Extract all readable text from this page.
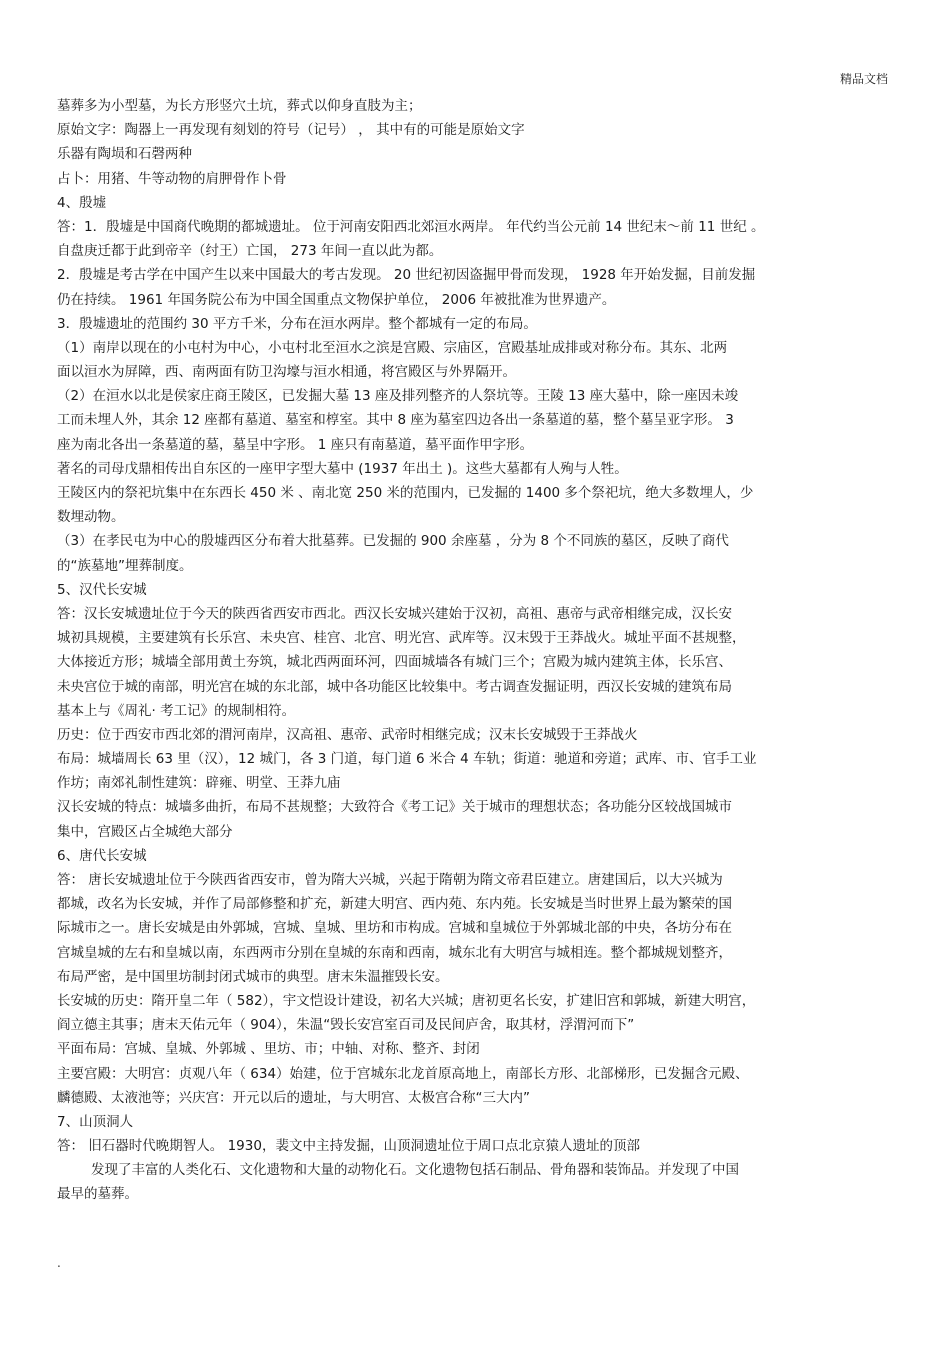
精品文档
墓葬多为小型墓，为长方形竖穴土坑，葬式以仰身直肢为主；
原始文字：陶器上一再发现有刻划的符号（记号） ， 其中有的可能是原始文字
乐器有陶埙和石磬两种
占卜：用猪、牛等动物的肩胛骨作卜骨
4、殷墟
答：1．殷墟是中国商代晚期的都城遗址。 位于河南安阳西北郊洹水两岸。 年代约当公元前 14 世纪末～前 11 世纪 。
自盘庚迁都于此到帝辛（纣王）亡国， 273 年间一直以此为都。
2．殷墟是考古学在中国产生以来中国最大的考古发现。 20 世纪初因盗掘甲骨而发现， 1928 年开始发掘，目前发掘
仍在持续。 1961 年国务院公布为中国全国重点文物保护单位， 2006 年被批准为世界遗产。
3．殷墟遗址的范围约 30 平方千米，分布在洹水两岸。整个都城有一定的布局。
（1）南岸以现在的小屯村为中心，小屯村北至洹水之滨是宫殿、宗庙区，宫殿基址成排或对称分布。其东、北两
面以洹水为屏障，西、南两面有防卫沟壕与洹水相通，将宫殿区与外界隔开。
（2）在洹水以北是侯家庄商王陵区，已发掘大墓 13 座及排列整齐的人祭坑等。王陵 13 座大墓中，除一座因未竣
工而未埋人外，其余 12 座都有墓道、墓室和椁室。其中 8 座为墓室四边各出一条墓道的墓，整个墓呈亚字形。 3
座为南北各出一条墓道的墓，墓呈中字形。 1 座只有南墓道，墓平面作甲字形。
著名的司母戊鼎相传出自东区的一座甲字型大墓中 (1937 年出土 )。这些大墓都有人殉与人牲。
王陵区内的祭祀坑集中在东西长 450 米 、南北宽 250 米的范围内，已发掘的 1400 多个祭祀坑，绝大多数埋人，少
数埋动物。
（3）在孝民屯为中心的殷墟西区分布着大批墓葬。已发掘的 900 余座墓 ，分为 8 个不同族的墓区，反映了商代
的“族墓地”埋葬制度。
5、汉代长安城
答：汉长安城遗址位于今天的陕西省西安市西北。西汉长安城兴建始于汉初，高祖、惠帝与武帝相继完成，汉长安
城初具规模，主要建筑有长乐宫、未央宫、桂宫、北宫、明光宫、武库等。汉末毁于王莽战火。城址平面不甚规整，
大体接近方形；城墙全部用黄土夯筑，城北西两面环河，四面城墙各有城门三个；宫殿为城内建筑主体，长乐宫、
未央宫位于城的南部，明光宫在城的东北部，城中各功能区比较集中。考古调查发掘证明，西汉长安城的建筑布局
基本上与《周礼· 考工记》的规制相符。
历史：位于西安市西北郊的渭河南岸，汉高祖、惠帝、武帝时相继完成；汉末长安城毁于王莽战火
布局：城墙周长 63 里（汉），12 城门，各 3 门道，每门道 6 米合 4 车轨；街道：驰道和旁道；武库、市、官手工业
作坊；南郊礼制性建筑：辟雍、明堂、王莽九庙
汉长安城的特点：城墙多曲折，布局不甚规整；大致符合《考工记》关于城市的理想状态；各功能分区较战国城市
集中，宫殿区占全城绝大部分
6、唐代长安城
答： 唐长安城遗址位于今陕西省西安市，曾为隋大兴城，兴起于隋朝为隋文帝君臣建立。唐建国后，以大兴城为
都城，改名为长安城，并作了局部修整和扩充，新建大明宫、西内苑、东内苑。长安城是当时世界上最为繁荣的国
际城市之一。唐长安城是由外郭城，宫城、皇城、里坊和市构成。宫城和皇城位于外郭城北部的中央，各坊分布在
宫城皇城的左右和皇城以南，东西两市分别在皇城的东南和西南，城东北有大明宫与城相连。整个都城规划整齐，
布局严密，是中国里坊制封闭式城市的典型。唐末朱温摧毁长安。
长安城的历史：隋开皇二年（ 582），宇文恺设计建设，初名大兴城；唐初更名长安，扩建旧宫和郭城，新建大明宫，
阎立德主其事；唐末天佑元年（ 904），朱温“毁长安宫室百司及民间庐舍，取其材，浮渭河而下”
平面布局：宫城、皇城、外郭城 、里坊、市；中轴、对称、整齐、封闭
主要宫殿：大明宫：贞观八年（ 634）始建，位于宫城东北龙首原高地上，南部长方形、北部梯形，已发掘含元殿、
麟德殿、太液池等；兴庆宫：开元以后的遗址，与大明宫、太极宫合称“三大内”
7、山顶洞人
答： 旧石器时代晚期智人。 1930，裴文中主持发掘，山顶洞遗址位于周口点北京猿人遗址的顶部
发现了丰富的人类化石、文化遗物和大量的动物化石。文化遗物包括石制品、骨角器和装饰品。并发现了中国
最早的墓葬。
.
